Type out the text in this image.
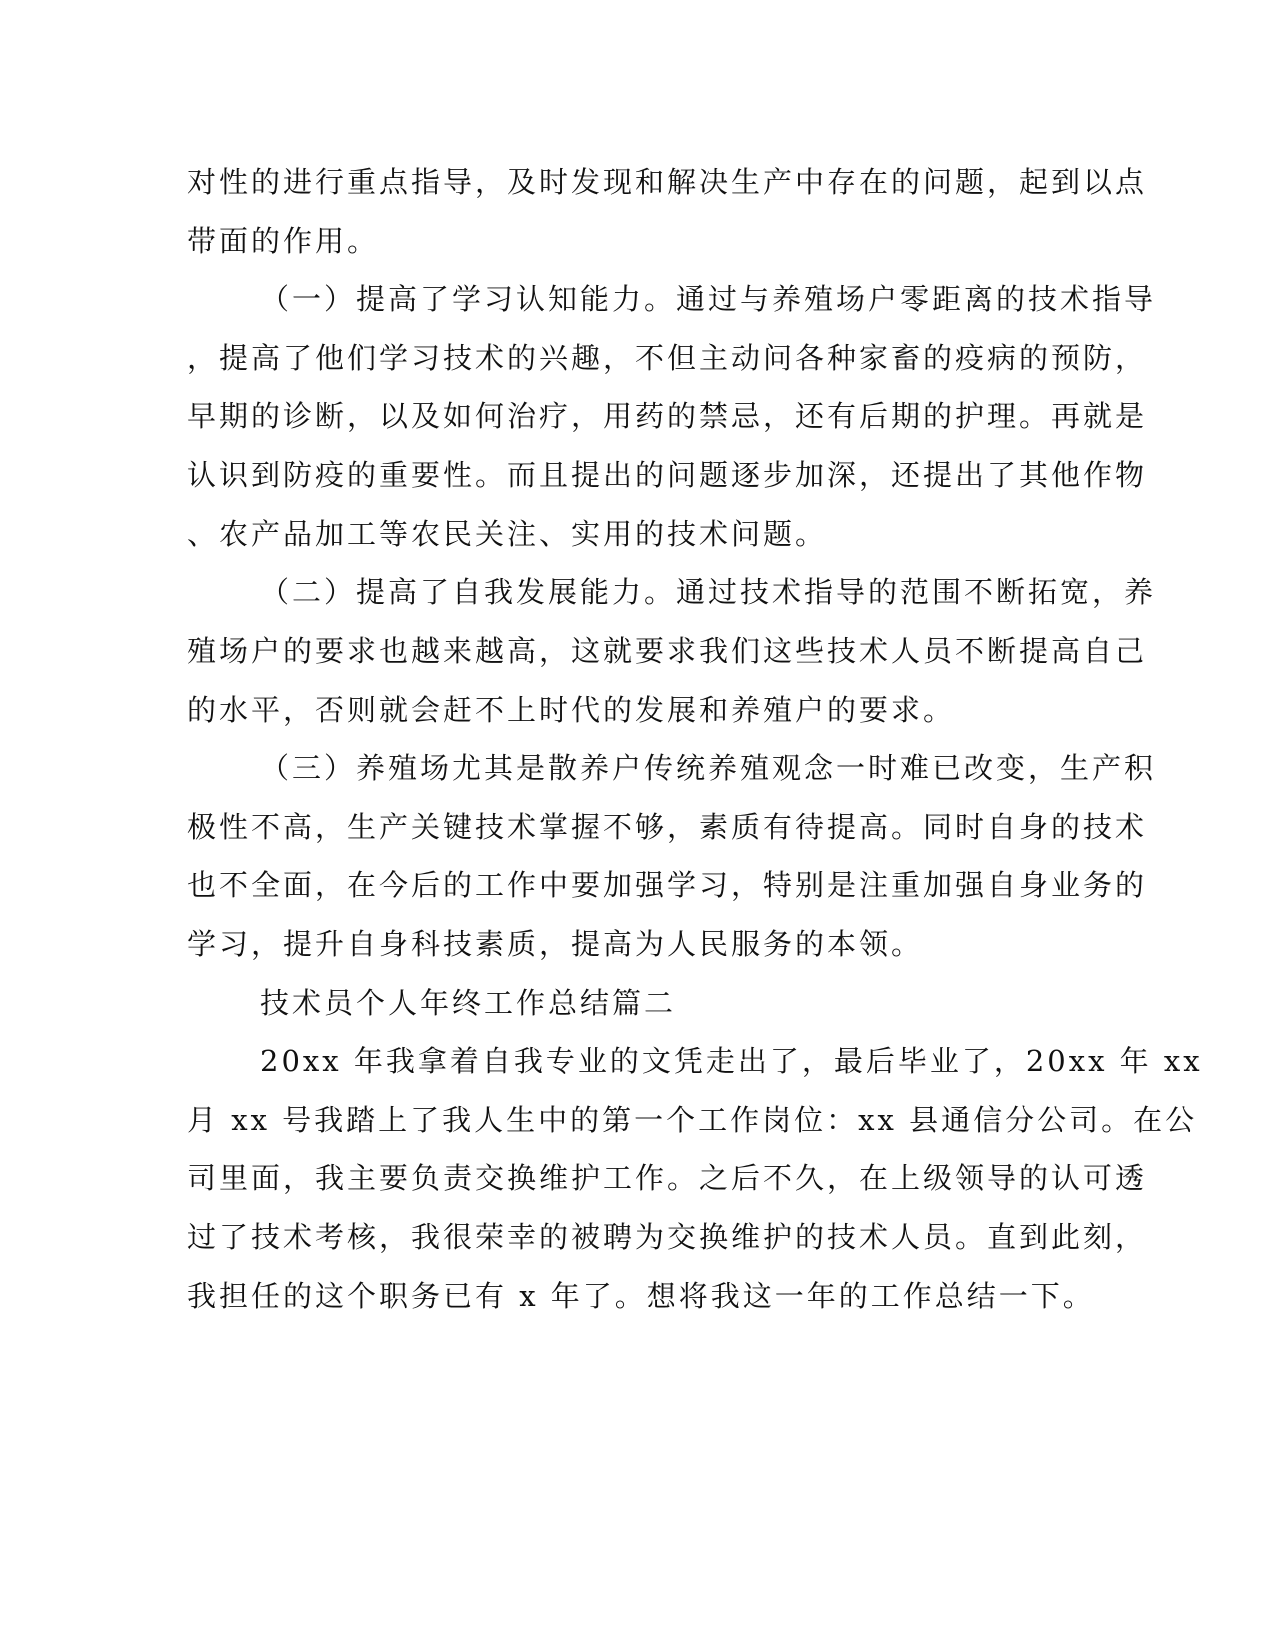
对性的进行重点指导，及时发现和解决生产中存在的问题，起到以点
带面的作用。
（一）提高了学习认知能力。通过与养殖场户零距离的技术指导
，提高了他们学习技术的兴趣，不但主动问各种家畜的疫病的预防，
早期的诊断，以及如何治疗，用药的禁忌，还有后期的护理。再就是
认识到防疫的重要性。而且提出的问题逐步加深，还提出了其他作物
、农产品加工等农民关注、实用的技术问题。
（二）提高了自我发展能力。通过技术指导的范围不断拓宽，养
殖场户的要求也越来越高，这就要求我们这些技术人员不断提高自己
的水平，否则就会赶不上时代的发展和养殖户的要求。
（三）养殖场尤其是散养户传统养殖观念一时难已改变，生产积
极性不高，生产关键技术掌握不够，素质有待提高。同时自身的技术
也不全面，在今后的工作中要加强学习，特别是注重加强自身业务的
学习，提升自身科技素质，提高为人民服务的本领。
技术员个人年终工作总结篇二
20xx 年我拿着自我专业的文凭走出了，最后毕业了，20xx 年 xx
月 xx 号我踏上了我人生中的第一个工作岗位：xx 县通信分公司。在公
司里面，我主要负责交换维护工作。之后不久，在上级领导的认可透
过了技术考核，我很荣幸的被聘为交换维护的技术人员。直到此刻，
我担任的这个职务已有 x 年了。想将我这一年的工作总结一下。
